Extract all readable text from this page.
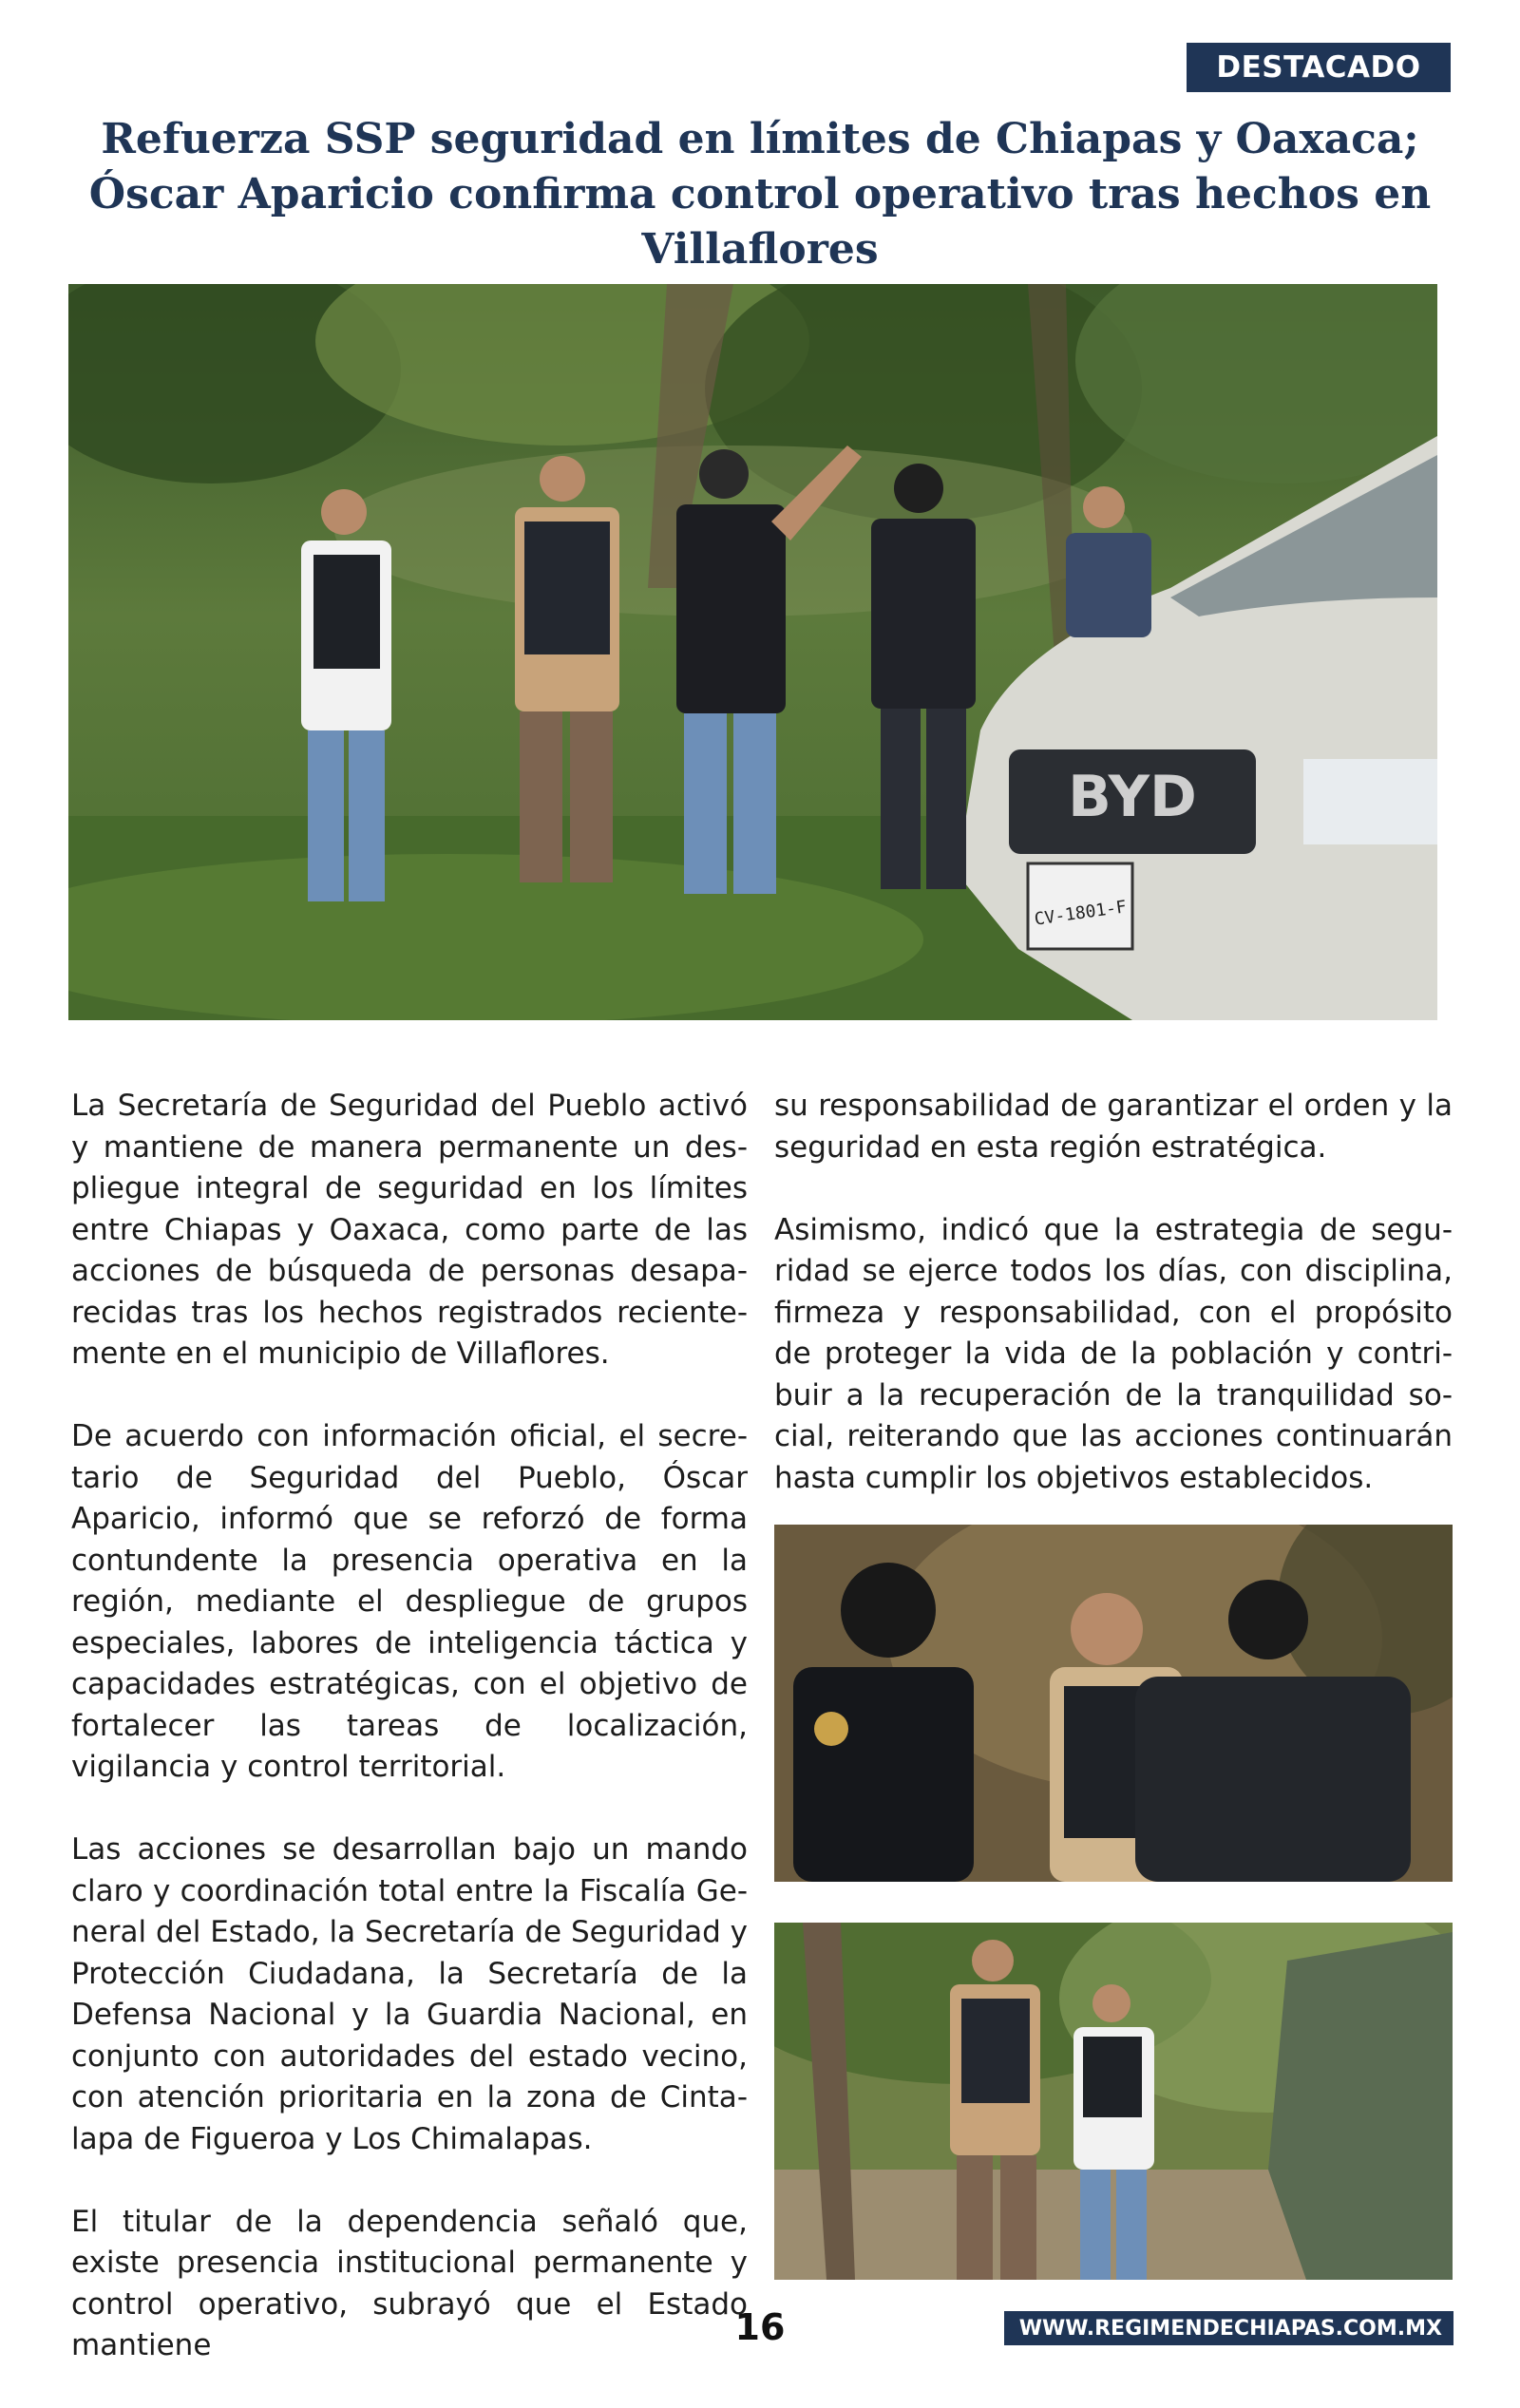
DESTACADO
Refuerza SSP seguridad en límites de Chiapas y Oaxaca; Óscar Aparicio confirma control operativo tras hechos en Villaflores
BYD
CV-1801-F

La Secretaría de Seguridad del Pueblo activó y mantiene de manera permanente un despliegue integral de seguridad en los límites entre Chiapas y Oaxaca, como parte de las acciones de búsqueda de personas desaparecidas tras los hechos registrados recientemente en el municipio de Villaflores.

De acuerdo con información oficial, el secretario de Seguridad del Pueblo, Óscar Aparicio, informó que se reforzó de forma contundente la presencia operativa en la región, mediante el despliegue de grupos especiales, labores de inteligencia táctica y capacidades estratégicas, con el objetivo de fortalecer las tareas de localización, vigilancia y control territorial.

Las acciones se desarrollan bajo un mando claro y coordinación total entre la Fiscalía General del Estado, la Secretaría de Seguridad y Protección Ciudadana, la Secretaría de la Defensa Nacional y la Guardia Nacional, en conjunto con autoridades del estado vecino, con atención prioritaria en la zona de Cintalapa de Figueroa y Los Chimalapas.

El titular de la dependencia señaló que, existe presencia institucional permanente y control operativo, subrayó que el Estado mantiene

su responsabilidad de garantizar el orden y la seguridad en esta región estratégica.

Asimismo, indicó que la estrategia de seguridad se ejerce todos los días, con disciplina, firmeza y responsabilidad, con el propósito de proteger la vida de la población y contribuir a la recuperación de la tranquilidad social, reiterando que las acciones continuarán hasta cumplir los objetivos establecidos.

16	WWW.REGIMENDECHIAPAS.COM.MX
